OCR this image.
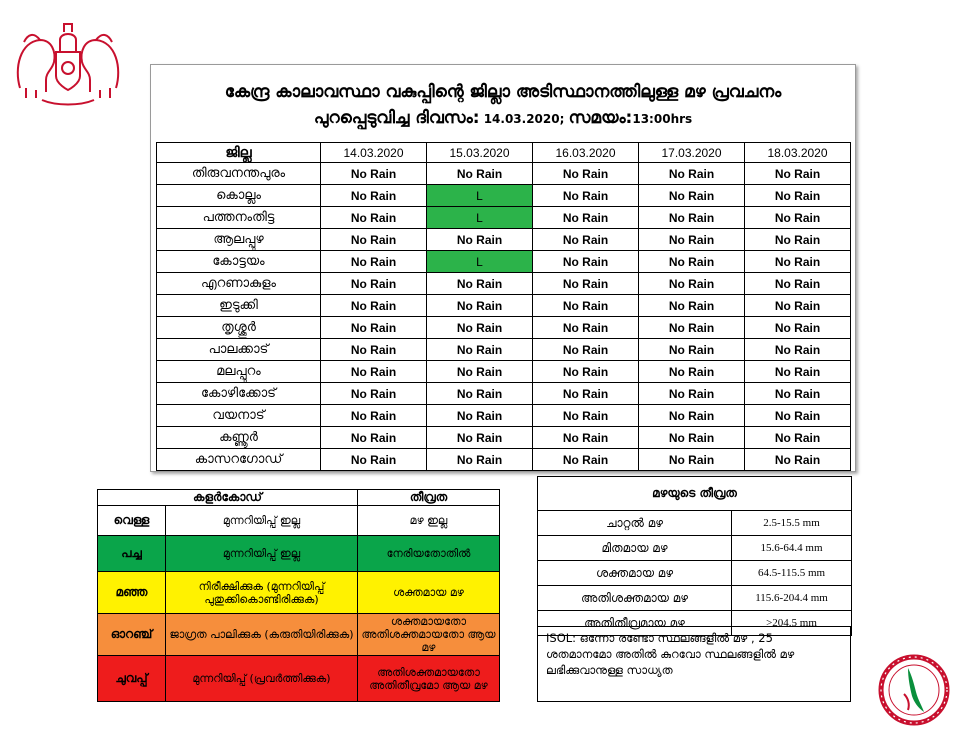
കേന്ദ്ര കാലാവസ്ഥാ വകുപ്പിന്റെ ജില്ലാ അടിസ്ഥാനത്തിലുള്ള മഴ പ്രവചനം
പുറപ്പെടുവിച്ച ദിവസം: 14.03.2020; സമയം:13:00hrs
ജില്ല	14.03.2020	15.03.2020	16.03.2020	17.03.2020	18.03.2020
തിരുവനന്തപുരം	No Rain	No Rain	No Rain	No Rain	No Rain
കൊല്ലം	No Rain	L	No Rain	No Rain	No Rain
പത്തനംതിട്ട	No Rain	L	No Rain	No Rain	No Rain
ആലപ്പുഴ	No Rain	No Rain	No Rain	No Rain	No Rain
കോട്ടയം	No Rain	L	No Rain	No Rain	No Rain
എറണാകുളം	No Rain	No Rain	No Rain	No Rain	No Rain
ഇടുക്കി	No Rain	No Rain	No Rain	No Rain	No Rain
തൃശ്ശൂർ	No Rain	No Rain	No Rain	No Rain	No Rain
പാലക്കാട്	No Rain	No Rain	No Rain	No Rain	No Rain
മലപ്പുറം	No Rain	No Rain	No Rain	No Rain	No Rain
കോഴിക്കോട്	No Rain	No Rain	No Rain	No Rain	No Rain
വയനാട്	No Rain	No Rain	No Rain	No Rain	No Rain
കണ്ണൂർ	No Rain	No Rain	No Rain	No Rain	No Rain
കാസറഗോഡ്	No Rain	No Rain	No Rain	No Rain	No Rain
കളർകോഡ്		തീവ്രത
വെള്ള	മുന്നറിയിപ്പ് ഇല്ല	മഴ ഇല്ല
പച്ച	മുന്നറിയിപ്പ് ഇല്ല	നേരിയതോതിൽ
മഞ്ഞ	നിരീക്ഷിക്കുക (മുന്നറിയിപ്പ് പുതുക്കികൊണ്ടിരിക്കുക)	ശക്തമായ മഴ
ഓറഞ്ച്	ജാഗ്രത പാലിക്കുക (കരുതിയിരിക്കുക)	ശക്തമായതോ അതിശക്തമായതോ ആയ മഴ
ചുവപ്പ്	മുന്നറിയിപ്പ് (പ്രവർത്തിക്കുക)	അതിശക്തമായതോ അതിതീവ്രമോ ആയ മഴ
മഴയുടെ തീവ്രത	
ചാറ്റൽ മഴ	2.5-15.5 mm
മിതമായ മഴ	15.6-64.4 mm
ശക്തമായ മഴ	64.5-115.5 mm
അതിശക്തമായ മഴ	115.6-204.4 mm
അതിതീവ്രമായ മഴ	>204.5 mm
ISOL: ഒന്നോ രണ്ടോ സ്ഥലങ്ങളിൽ മഴ , 25 ശതമാനമോ അതിൽ കുറവോ സ്ഥലങ്ങളിൽ മഴ ലഭിക്കുവാനുള്ള സാധ്യത
